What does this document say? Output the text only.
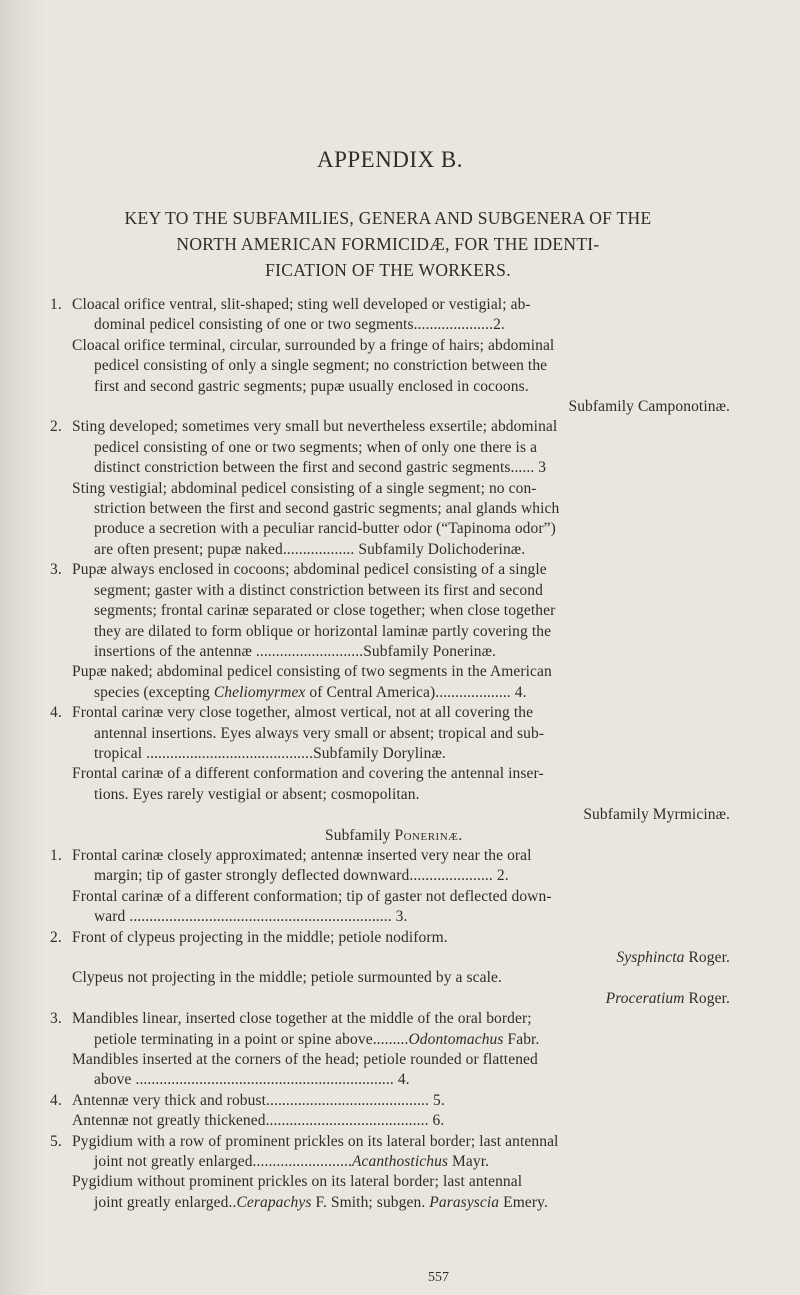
APPENDIX B.
KEY TO THE SUBFAMILIES, GENERA AND SUBGENERA OF THE
NORTH AMERICAN FORMICIDÆ, FOR THE IDENTI-
FICATION OF THE WORKERS.
1. Cloacal orifice ventral, slit-shaped; sting well developed or vestigial; ab-
dominal pedicel consisting of one or two segments....................2.
Cloacal orifice terminal, circular, surrounded by a fringe of hairs; abdominal
pedicel consisting of only a single segment; no constriction between the
first and second gastric segments; pupæ usually enclosed in cocoons.
Subfamily Camponotinæ.
2. Sting developed; sometimes very small but nevertheless exsertile; abdominal
pedicel consisting of one or two segments; when of only one there is a
distinct constriction between the first and second gastric segments...... 3
Sting vestigial; abdominal pedicel consisting of a single segment; no con-
striction between the first and second gastric segments; anal glands which
produce a secretion with a peculiar rancid-butter odor (“Tapinoma odor”)
are often present; pupæ naked.................. Subfamily Dolichoderinæ.
3. Pupæ always enclosed in cocoons; abdominal pedicel consisting of a single
segment; gaster with a distinct constriction between its first and second
segments; frontal carinæ separated or close together; when close together
they are dilated to form oblique or horizontal laminæ partly covering the
insertions of the antennæ ...........................Subfamily Ponerinæ.
Pupæ naked; abdominal pedicel consisting of two segments in the American
species (excepting Cheliomyrmex of Central America)................... 4.
4. Frontal carinæ very close together, almost vertical, not at all covering the
antennal insertions. Eyes always very small or absent; tropical and sub-
tropical ..........................................Subfamily Dorylinæ.
Frontal carinæ of a different conformation and covering the antennal inser-
tions. Eyes rarely vestigial or absent; cosmopolitan.
Subfamily Myrmicinæ.
Subfamily Ponerinæ.
1. Frontal carinæ closely approximated; antennæ inserted very near the oral
margin; tip of gaster strongly deflected downward..................... 2.
Frontal carinæ of a different conformation; tip of gaster not deflected down-
ward .................................................................. 3.
2. Front of clypeus projecting in the middle; petiole nodiform.
Sysphincta Roger.
Clypeus not projecting in the middle; petiole surmounted by a scale.
Proceratium Roger.
3. Mandibles linear, inserted close together at the middle of the oral border;
petiole terminating in a point or spine above.........Odontomachus Fabr.
Mandibles inserted at the corners of the head; petiole rounded or flattened
above ................................................................. 4.
4. Antennæ very thick and robust......................................... 5.
Antennæ not greatly thickened......................................... 6.
5. Pygidium with a row of prominent prickles on its lateral border; last antennal
joint not greatly enlarged.........................Acanthostichus Mayr.
Pygidium without prominent prickles on its lateral border; last antennal
joint greatly enlarged..Cerapachys F. Smith; subgen. Parasyscia Emery.
557
